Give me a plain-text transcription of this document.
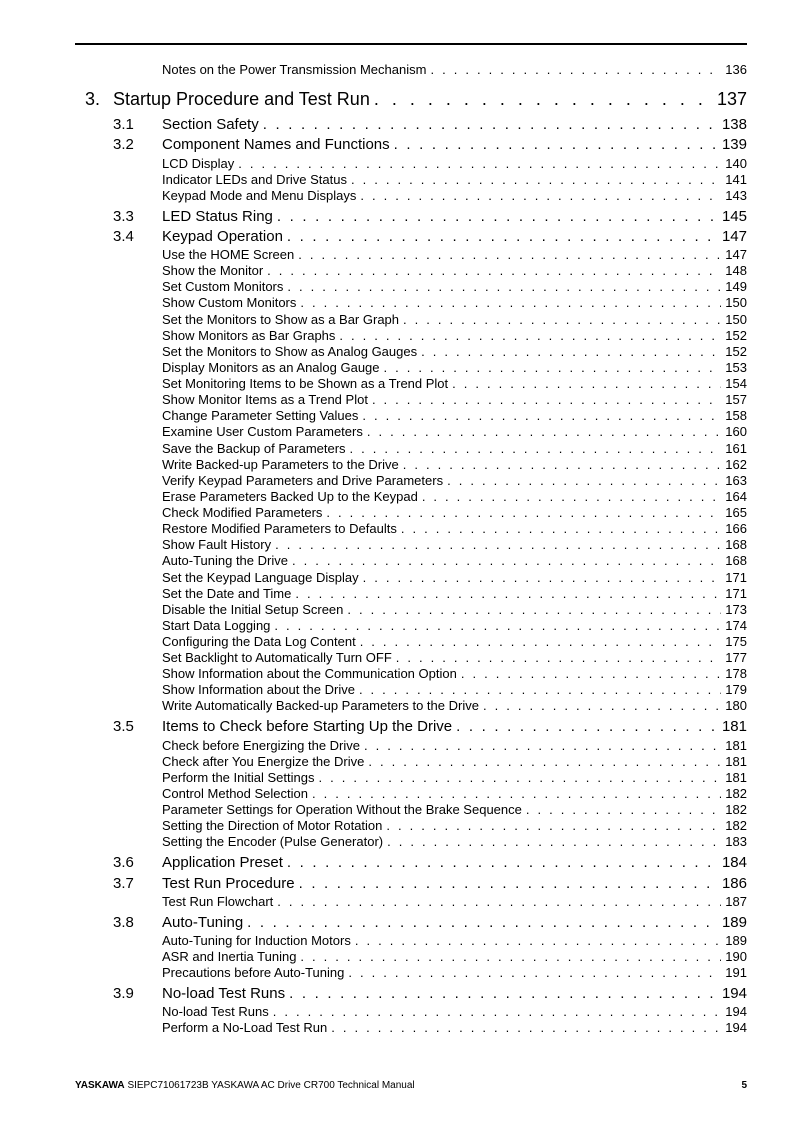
Notes on the Power Transmission Mechanism . . .	136
3. Startup Procedure and Test Run . . .	137
3.1 Section Safety . . .	138
3.2 Component Names and Functions . . .	139
LCD Display . . .	140
Indicator LEDs and Drive Status . . .	141
Keypad Mode and Menu Displays . . .	143
3.3 LED Status Ring . . .	145
3.4 Keypad Operation . . .	147
Use the HOME Screen . . .	147
Show the Monitor . . .	148
Set Custom Monitors . . .	149
Show Custom Monitors . . .	150
Set the Monitors to Show as a Bar Graph . . .	150
Show Monitors as Bar Graphs . . .	152
Set the Monitors to Show as Analog Gauges . . .	152
Display Monitors as an Analog Gauge . . .	153
Set Monitoring Items to be Shown as a Trend Plot . . .	154
Show Monitor Items as a Trend Plot . . .	157
Change Parameter Setting Values . . .	158
Examine User Custom Parameters . . .	160
Save the Backup of Parameters . . .	161
Write Backed-up Parameters to the Drive . . .	162
Verify Keypad Parameters and Drive Parameters . . .	163
Erase Parameters Backed Up to the Keypad . . .	164
Check Modified Parameters . . .	165
Restore Modified Parameters to Defaults . . .	166
Show Fault History . . .	168
Auto-Tuning the Drive . . .	168
Set the Keypad Language Display . . .	171
Set the Date and Time . . .	171
Disable the Initial Setup Screen . . .	173
Start Data Logging . . .	174
Configuring the Data Log Content . . .	175
Set Backlight to Automatically Turn OFF . . .	177
Show Information about the Communication Option . . .	178
Show Information about the Drive . . .	179
Write Automatically Backed-up Parameters to the Drive . . .	180
3.5 Items to Check before Starting Up the Drive . . .	181
Check before Energizing the Drive . . .	181
Check after You Energize the Drive . . .	181
Perform the Initial Settings . . .	181
Control Method Selection . . .	182
Parameter Settings for Operation Without the Brake Sequence . . .	182
Setting the Direction of Motor Rotation . . .	182
Setting the Encoder (Pulse Generator) . . .	183
3.6 Application Preset . . .	184
3.7 Test Run Procedure . . .	186
Test Run Flowchart . . .	187
3.8 Auto-Tuning . . .	189
Auto-Tuning for Induction Motors . . .	189
ASR and Inertia Tuning . . .	190
Precautions before Auto-Tuning . . .	191
3.9 No-load Test Runs . . .	194
No-load Test Runs . . .	194
Perform a No-Load Test Run . . .	194
YASKAWA SIEPC71061723B YASKAWA AC Drive CR700 Technical Manual	5
